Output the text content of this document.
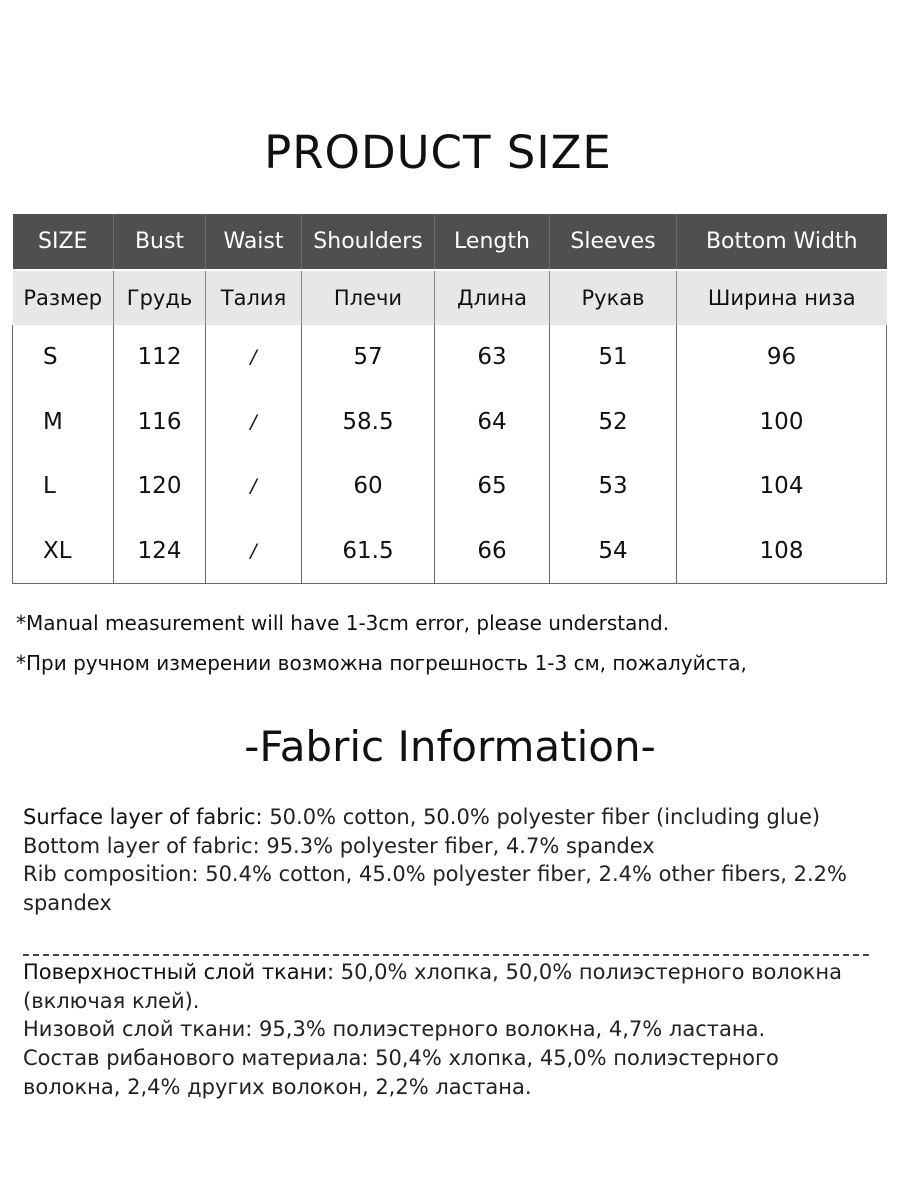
PRODUCT SIZE
SIZE	Bust	Waist	Shoulders	Length	Sleeves	Bottom Width
Размер	Грудь	Талия	Плечи	Длина	Рукав	Ширина низа
S	112	/	57	63	51	96
M	116	/	58.5	64	52	100
L	120	/	60	65	53	104
XL	124	/	61.5	66	54	108
*Manual measurement will have 1-3cm error, please understand.
*При ручном измерении возможна погрешность 1-3 см, пожалуйста,
-Fabric Information-

Surface layer of fabric: 50.0% cotton, 50.0% polyester fiber (including glue)

Bottom layer of fabric: 95.3% polyester fiber, 4.7% spandex

Rib composition: 50.4% cotton, 45.0% polyester fiber, 2.4% other fibers, 2.2% spandex

Поверхностный слой ткани: 50,0% хлопка, 50,0% полиэстерного волокна (включая клей).

Низовой слой ткани: 95,3% полиэстерного волокна, 4,7% ластана.

Состав рибанового материала: 50,4% хлопка, 45,0% полиэстерного волокна, 2,4% других волокон, 2,2% ластана.
